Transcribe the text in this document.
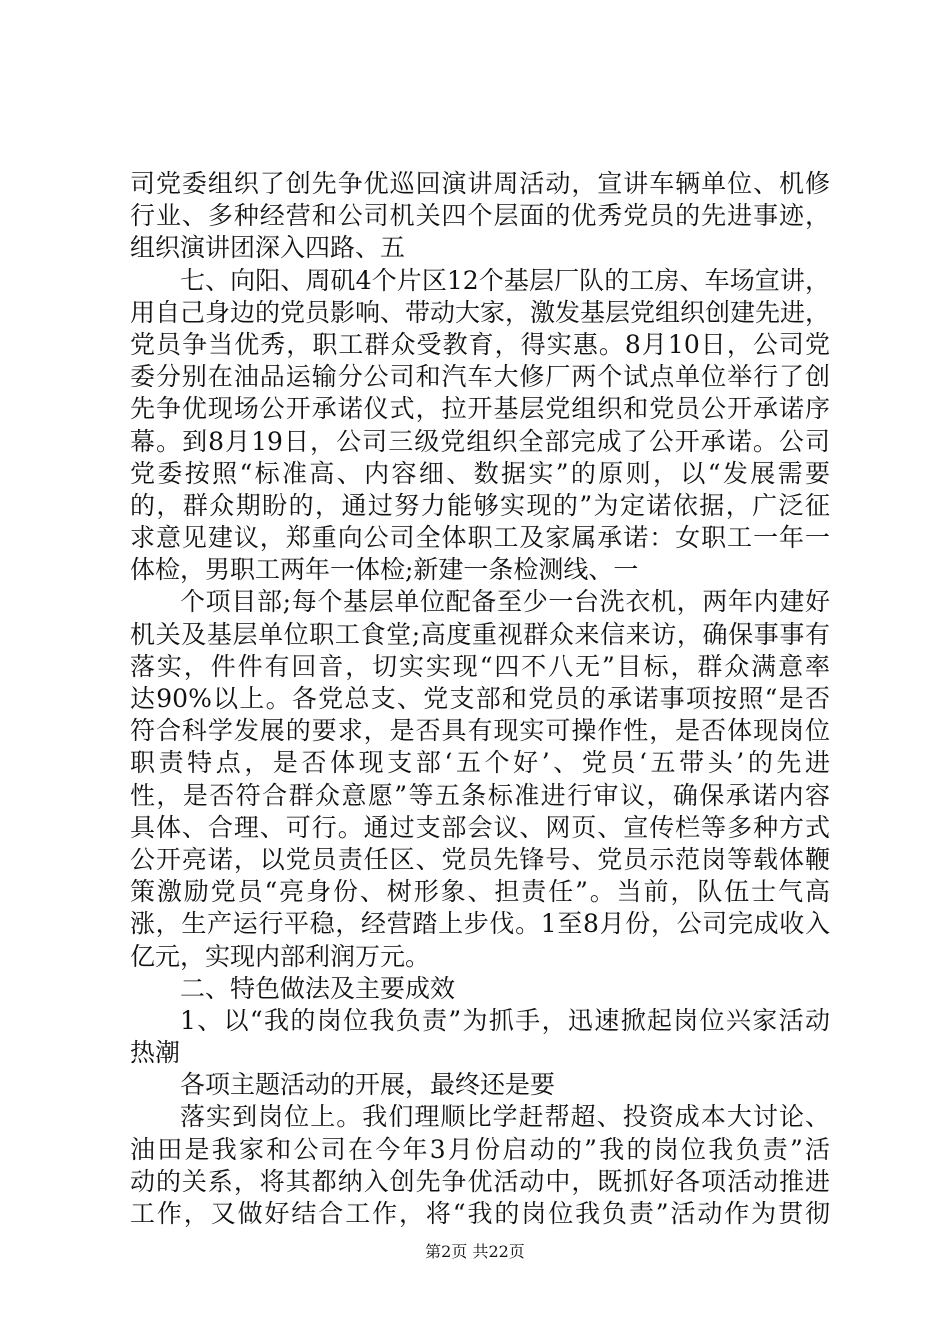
司党委组织了创先争优巡回演讲周活动，宣讲车辆单位、机修
行业、多种经营和公司机关四个层面的优秀党员的先进事迹，
组织演讲团深入四路、五
七、向阳、周矶4个片区12个基层厂队的工房、车场宣讲，
用自己身边的党员影响、带动大家，激发基层党组织创建先进，
党员争当优秀，职工群众受教育，得实惠。8月10日，公司党
委分别在油品运输分公司和汽车大修厂两个试点单位举行了创
先争优现场公开承诺仪式，拉开基层党组织和党员公开承诺序
幕。到8月19日，公司三级党组织全部完成了公开承诺。公司
党委按照“标准高、内容细、数据实”的原则，以“发展需要
的，群众期盼的，通过努力能够实现的”为定诺依据，广泛征
求意见建议，郑重向公司全体职工及家属承诺：女职工一年一
体检，男职工两年一体检;新建一条检测线、一
个项目部;每个基层单位配备至少一台洗衣机，两年内建好
机关及基层单位职工食堂;高度重视群众来信来访，确保事事有
落实，件件有回音，切实实现“四不八无”目标，群众满意率
达90%以上。各党总支、党支部和党员的承诺事项按照“是否
符合科学发展的要求，是否具有现实可操作性，是否体现岗位
职责特点，是否体现支部‘五个好’、党员‘五带头’的先进
性，是否符合群众意愿”等五条标准进行审议，确保承诺内容
具体、合理、可行。通过支部会议、网页、宣传栏等多种方式
公开亮诺，以党员责任区、党员先锋号、党员示范岗等载体鞭
策激励党员“亮身份、树形象、担责任”。当前，队伍士气高
涨，生产运行平稳，经营踏上步伐。1至8月份，公司完成收入
亿元，实现内部利润万元。
二、特色做法及主要成效
1、以“我的岗位我负责”为抓手，迅速掀起岗位兴家活动
热潮
各项主题活动的开展，最终还是要
落实到岗位上。我们理顺比学赶帮超、投资成本大讨论、
油田是我家和公司在今年3月份启动的”我的岗位我负责”活
动的关系，将其都纳入创先争优活动中，既抓好各项活动推进
工作，又做好结合工作，将“我的岗位我负责”活动作为贯彻
第2页 共22页
